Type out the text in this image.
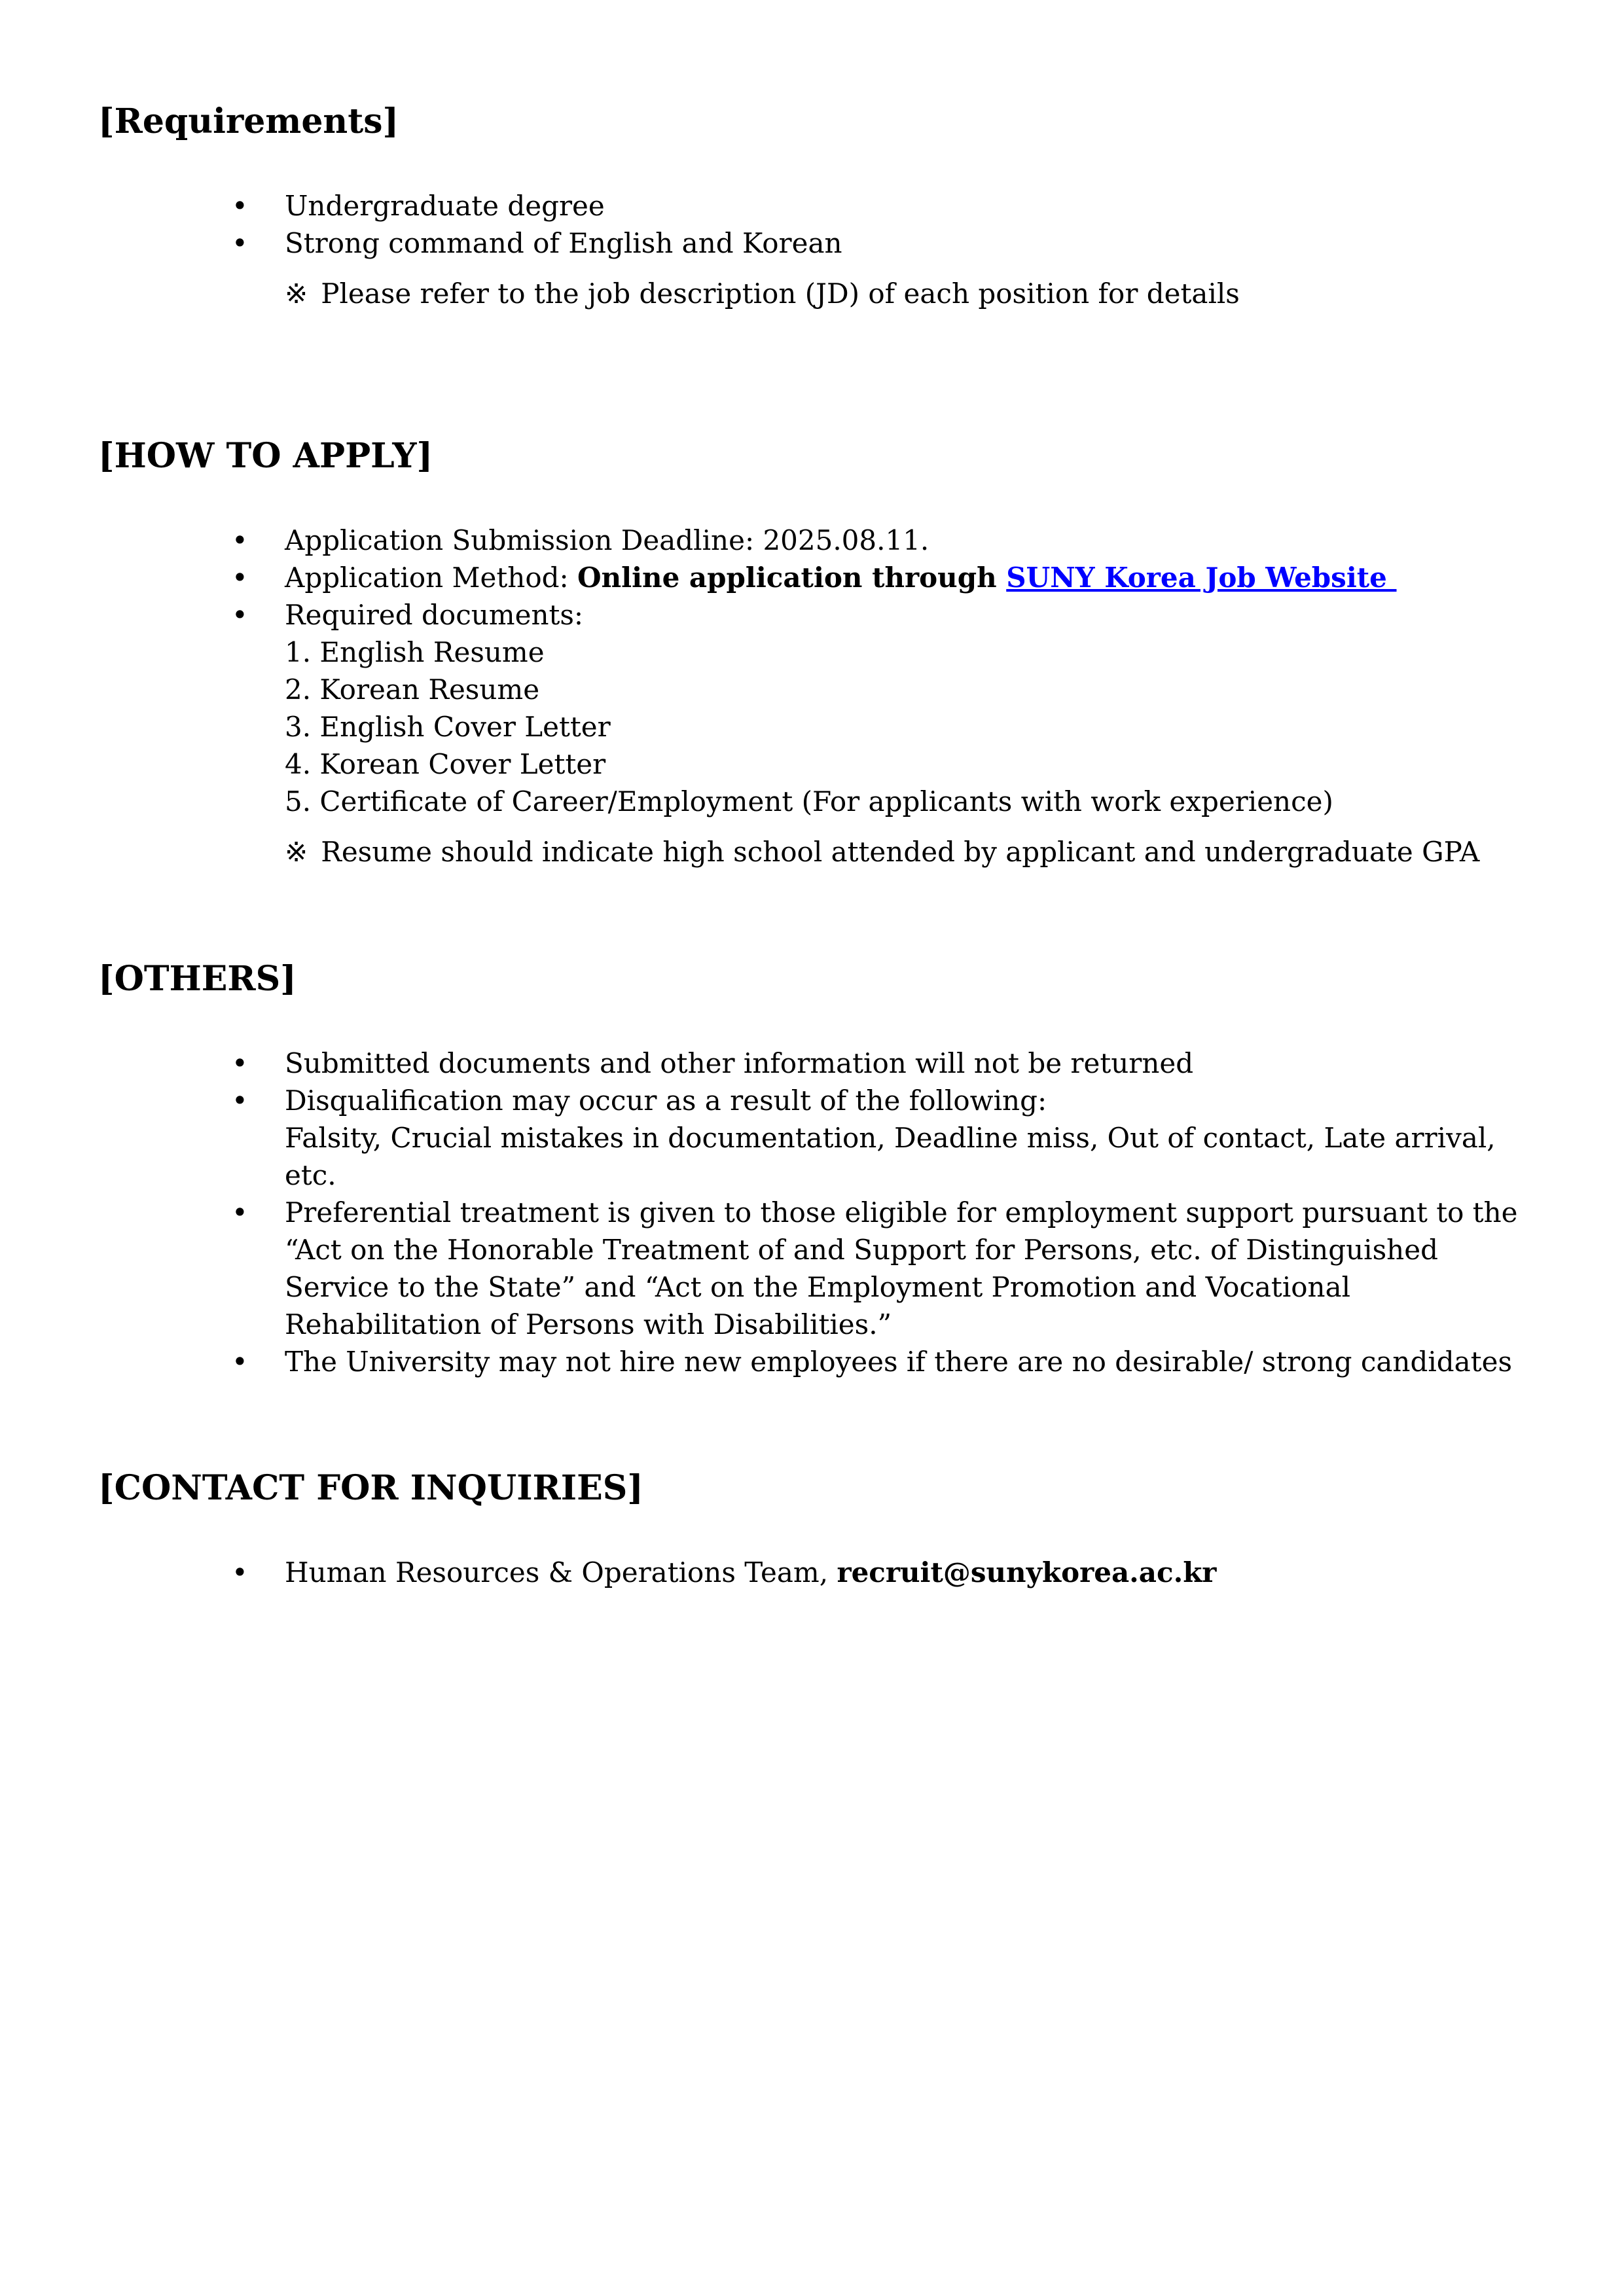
[Requirements]
•	Undergraduate degree
•	Strong command of English and Korean
※ Please refer to the job description (JD) of each position for details
[HOW TO APPLY]
•	Application Submission Deadline: 2025.08.11.
•	Application Method: Online application through SUNY Korea Job Website
•	Required documents:
1. English Resume
2. Korean Resume
3. English Cover Letter
4. Korean Cover Letter
5. Certificate of Career/Employment (For applicants with work experience)
※ Resume should indicate high school attended by applicant and undergraduate GPA
[OTHERS]
•	Submitted documents and other information will not be returned
•	Disqualification may occur as a result of the following:
Falsity, Crucial mistakes in documentation, Deadline miss, Out of contact, Late arrival, etc.
•	Preferential treatment is given to those eligible for employment support pursuant to the “Act on the Honorable Treatment of and Support for Persons, etc. of Distinguished Service to the State” and “Act on the Employment Promotion and Vocational Rehabilitation of Persons with Disabilities.”
•	The University may not hire new employees if there are no desirable/ strong candidates
[CONTACT FOR INQUIRIES]
•	Human Resources & Operations Team, recruit@sunykorea.ac.kr
